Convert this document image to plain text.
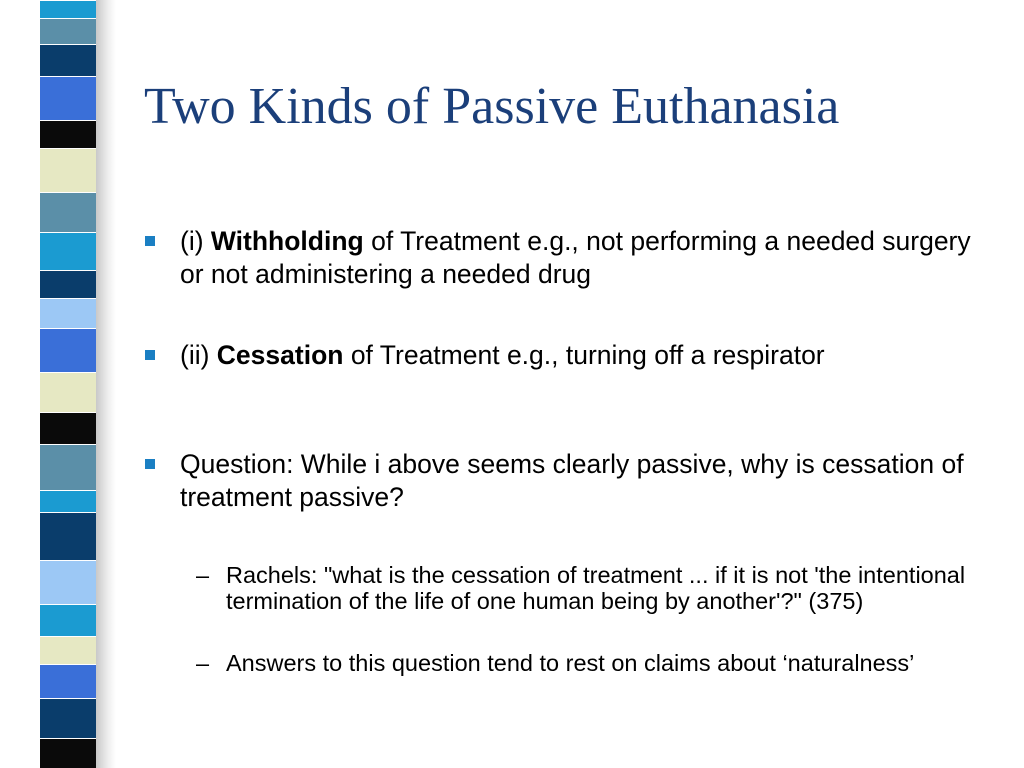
Two Kinds of Passive Euthanasia
(i) Withholding of Treatment e.g., not performing a needed surgery or not administering a needed drug
(ii) Cessation of Treatment e.g., turning off a respirator
Question: While i above seems clearly passive, why is cessation of treatment passive?
– Rachels: "what is the cessation of treatment ... if it is not 'the intentional termination of the life of one human being by another'?" (375)
– Answers to this question tend to rest on claims about ‘naturalness’
